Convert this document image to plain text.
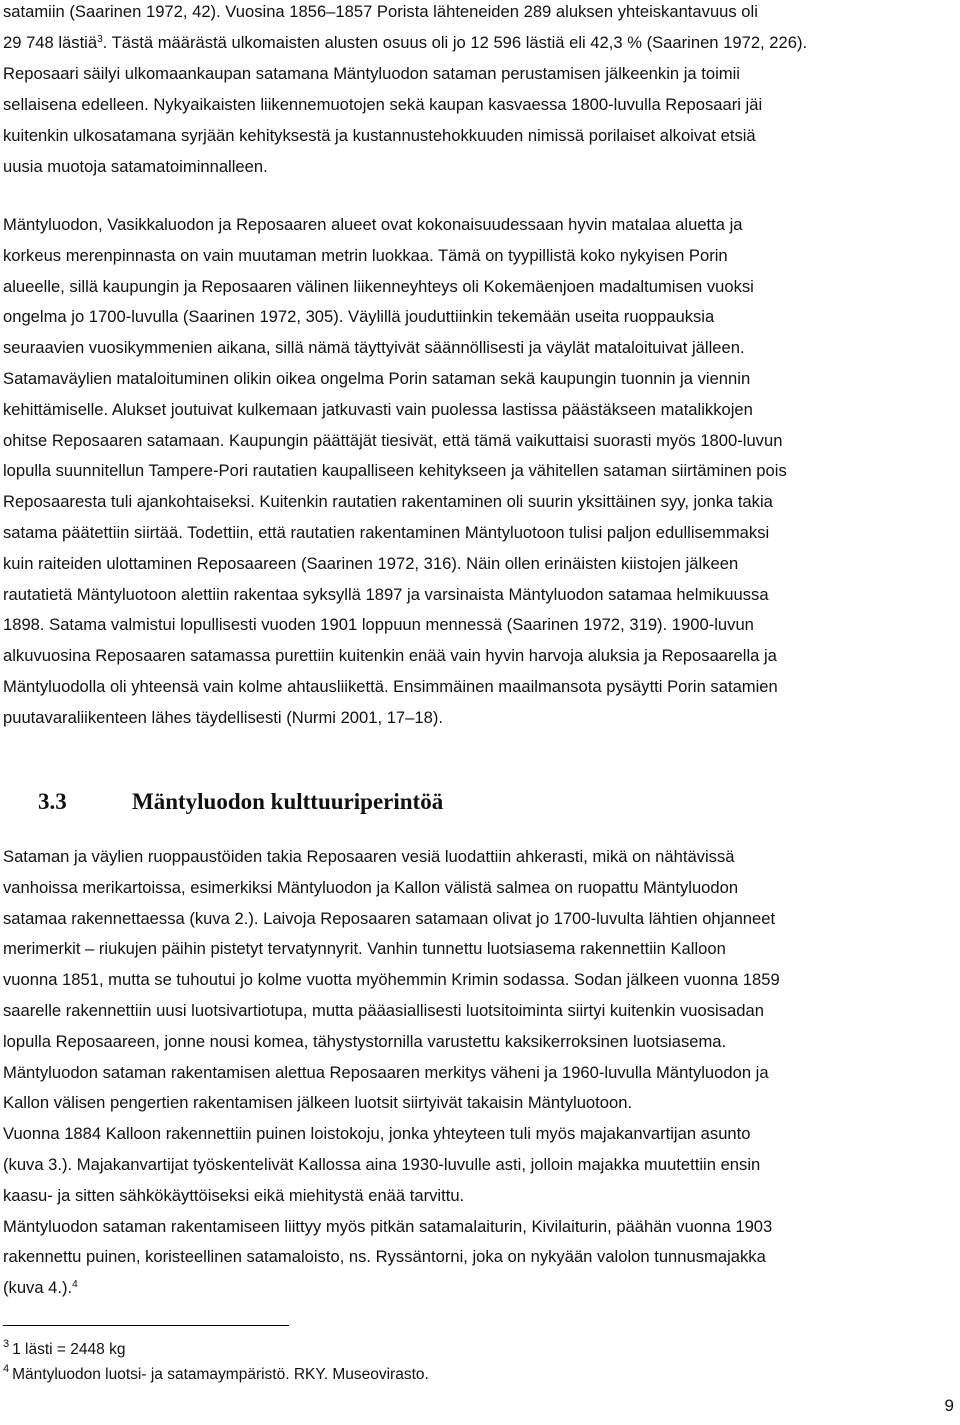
satamiin (Saarinen 1972, 42). Vuosina 1856–1857 Porista lähteneiden 289 aluksen yhteiskantavuus oli
29 748 lästiä$^3$. Tästä määrästä ulkomaisten alusten osuus oli jo 12 596 lästiä eli 42,3 % (Saarinen 1972, 226).
Reposaari säilyi ulkomaankaupan satamana Mäntyluodon sataman perustamisen jälkeenkin ja toimii
sellaisena edelleen. Nykyaikaisten liikennemuotojen sekä kaupan kasvaessa 1800-luvulla Reposaari jäi
kuitenkin ulkosatamana syrjään kehityksestä ja kustannustehokkuuden nimissä porilaiset alkoivat etsiä
uusia muotoja satamatoiminnalleen.
Mäntyluodon, Vasikkaluodon ja Reposaaren alueet ovat kokonaisuudessaan hyvin matalaa aluetta ja
korkeus merenpinnasta on vain muutaman metrin luokkaa. Tämä on tyypillistä koko nykyisen Porin
alueelle, sillä kaupungin ja Reposaaren välinen liikenneyhteys oli Kokemäenjoen madaltumisen vuoksi
ongelma jo 1700-luvulla (Saarinen 1972, 305). Väylillä jouduttiinkin tekemään useita ruoppauksia
seuraavien vuosikymmenien aikana, sillä nämä täyttyivät säännöllisesti ja väylät mataloituivat jälleen.
Satamaväylien mataloituminen olikin oikea ongelma Porin sataman sekä kaupungin tuonnin ja viennin
kehittämiselle. Alukset joutuivat kulkemaan jatkuvasti vain puolessa lastissa päästäkseen matalikkojen
ohitse Reposaaren satamaan. Kaupungin päättäjät tiesivät, että tämä vaikuttaisi suorasti myös 1800-luvun
lopulla suunnitellun Tampere-Pori rautatien kaupalliseen kehitykseen ja vähitellen sataman siirtäminen pois
Reposaaresta tuli ajankohtaiseksi. Kuitenkin rautatien rakentaminen oli suurin yksittäinen syy, jonka takia
satama päätettiin siirtää. Todettiin, että rautatien rakentaminen Mäntyluotoon tulisi paljon edullisemmaksi
kuin raiteiden ulottaminen Reposaareen (Saarinen 1972, 316). Näin ollen erinäisten kiistojen jälkeen
rautatietä Mäntyluotoon alettiin rakentaa syksyllä 1897 ja varsinaista Mäntyluodon satamaa helmikuussa
1898. Satama valmistui lopullisesti vuoden 1901 loppuun mennessä (Saarinen 1972, 319). 1900-luvun
alkuvuosina Reposaaren satamassa purettiin kuitenkin enää vain hyvin harvoja aluksia ja Reposaarella ja
Mäntyluodolla oli yhteensä vain kolme ahtausliikettä. Ensimmäinen maailmansota pysäytti Porin satamien
puutavaraliikenteen lähes täydellisesti (Nurmi 2001, 17–18).
3.3	Mäntyluodon kulttuuriperintöä
Sataman ja väylien ruoppaustöiden takia Reposaaren vesiä luodattiin ahkerasti, mikä on nähtävissä
vanhoissa merikartoissa, esimerkiksi Mäntyluodon ja Kallon välistä salmea on ruopattu Mäntyluodon
satamaa rakennettaessa (kuva 2.). Laivoja Reposaaren satamaan olivat jo 1700-luvulta lähtien ohjanneet
merimerkit – riukujen päihin pistetyt tervatynnyrit. Vanhin tunnettu luotsiasema rakennettiin Kalloon
vuonna 1851, mutta se tuhoutui jo kolme vuotta myöhemmin Krimin sodassa. Sodan jälkeen vuonna 1859
saarelle rakennettiin uusi luotsivartiotupa, mutta pääasiallisesti luotsitoiminta siirtyi kuitenkin vuosisadan
lopulla Reposaareen, jonne nousi komea, tähystystornilla varustettu kaksikerroksinen luotsiasema.
Mäntyluodon sataman rakentamisen alettua Reposaaren merkitys väheni ja 1960-luvulla Mäntyluodon ja
Kallon välisen pengertien rakentamisen jälkeen luotsit siirtyivät takaisin Mäntyluotoon.
Vuonna 1884 Kalloon rakennettiin puinen loistokoju, jonka yhteyteen tuli myös majakanvartijan asunto
(kuva 3.). Majakanvartijat työskentelivät Kallossa aina 1930-luvulle asti, jolloin majakka muutettiin ensin
kaasu- ja sitten sähkökäyttöiseksi eikä miehitystä enää tarvittu.
Mäntyluodon sataman rakentamiseen liittyy myös pitkän satamalaiturin, Kivilaiturin, päähän vuonna 1903
rakennettu puinen, koristeellinen satamaloisto, ns. Ryssäntorni, joka on nykyään valolon tunnusmajakka
(kuva 4.).$^4$

$^3$ 1 lästi = 2448 kg

$^4$ Mäntyluodon luotsi- ja satamaympäristö. RKY. Museovirasto.

9
